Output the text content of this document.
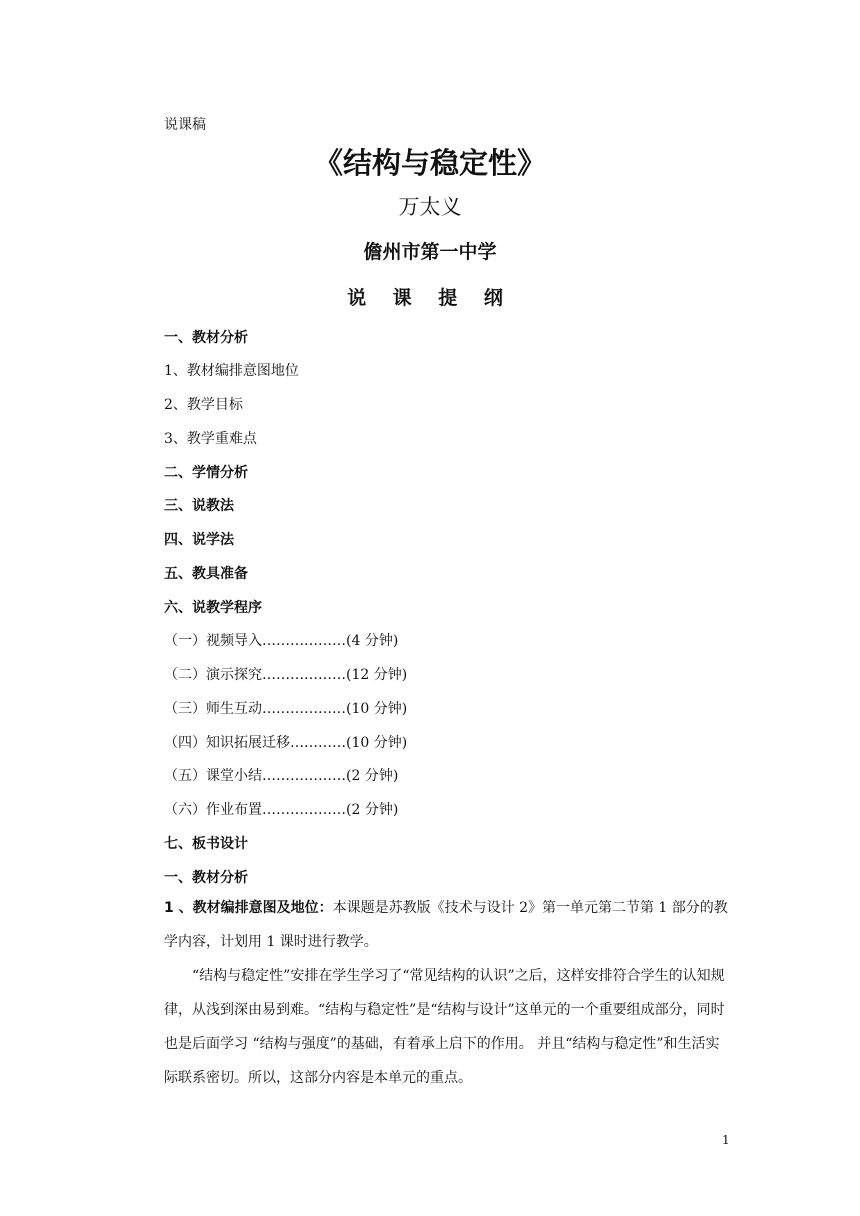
说课稿
《结构与稳定性》
万太义
儋州市第一中学
说 课 提 纲
一、教材分析
1、教材编排意图地位
2、教学目标
3、教学重难点
二、学情分析
三、说教法
四、说学法
五、教具准备
六、说教学程序
（一）视频导入………………(4 分钟)
（二）演示探究………………(12 分钟)
（三）师生互动………………(10 分钟)
（四）知识拓展迁移…………(10 分钟)
（五）课堂小结………………(2 分钟)
（六）作业布置………………(2 分钟)
七、板书设计
一、教材分析
1 、教材编排意图及地位：本课题是苏教版《技术与设计 2》第一单元第二节第 1 部分的教学内容，计划用 1 课时进行教学。
“结构与稳定性”安排在学生学习了“常见结构的认识”之后，这样安排符合学生的认知规律，从浅到深由易到难。“结构与稳定性”是“结构与设计”这单元的一个重要组成部分，同时也是后面学习 “结构与强度”的基础，有着承上启下的作用。 并且“结构与稳定性”和生活实际联系密切。所以，这部分内容是本单元的重点。
1
